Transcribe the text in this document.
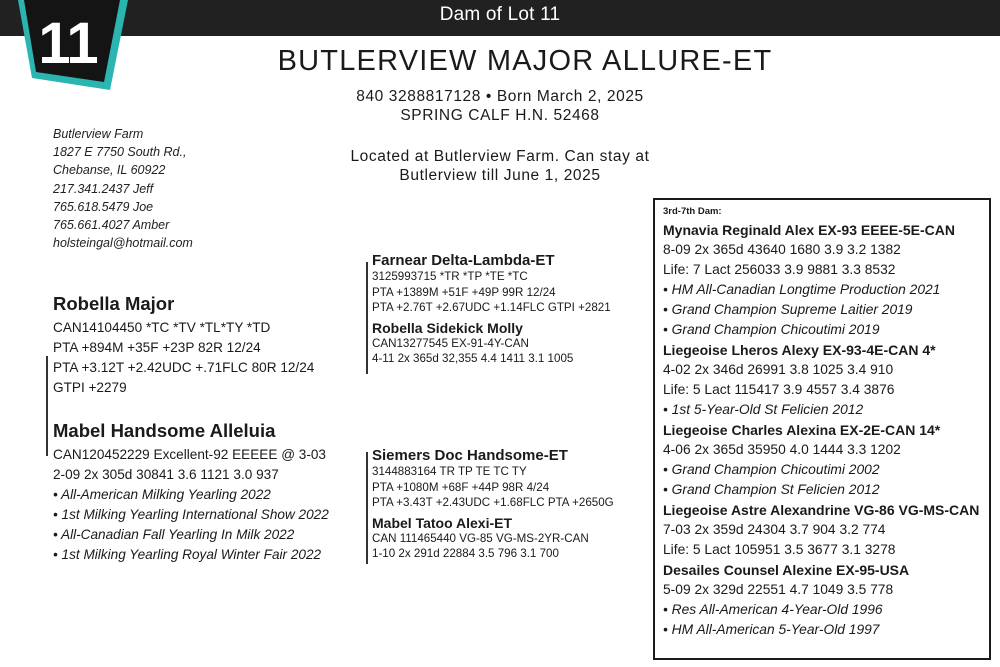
Dam of Lot 11
11	BUTLERVIEW MAJOR ALLURE-ET
840 3288817128 • Born March 2, 2025
SPRING CALF H.N. 52468
Located at Butlerview Farm. Can stay at
Butlerview till June 1, 2025
Butlerview Farm
1827 E 7750 South Rd.,
Chebanse, IL 60922
217.341.2437 Jeff
765.618.5479 Joe
765.661.4027 Amber
holsteingal@hotmail.com
Robella Major
CAN14104450 *TC *TV *TL*TY *TD
PTA +894M +35F +23P 82R 12/24
PTA +3.12T +2.42UDC +.71FLC 80R 12/24
GTPI +2279
Mabel Handsome Alleluia
CAN120452229 Excellent-92 EEEEE @ 3-03
2-09 2x 305d 30841 3.6 1121 3.0 937
• All-American Milking Yearling 2022
• 1st Milking Yearling International Show 2022
• All-Canadian Fall Yearling In Milk 2022
• 1st Milking Yearling Royal Winter Fair 2022
Farnear Delta-Lambda-ET
3125993715 *TR *TP *TE *TC
PTA +1389M +51F +49P 99R 12/24
PTA +2.76T +2.67UDC +1.14FLC GTPI +2821
Robella Sidekick Molly
CAN13277545 EX-91-4Y-CAN
4-11 2x 365d 32,355 4.4 1411 3.1 1005
Siemers Doc Handsome-ET
3144883164 TR TP TE TC TY
PTA +1080M +68F +44P 98R 4/24
PTA +3.43T +2.43UDC +1.68FLC PTA +2650G
Mabel Tatoo Alexi-ET
CAN 111465440 VG-85 VG-MS-2YR-CAN
1-10 2x 291d 22884 3.5 796 3.1 700
3rd-7th Dam:
Mynavia Reginald Alex EX-93 EEEE-5E-CAN
8-09 2x 365d 43640 1680 3.9 3.2 1382
Life: 7 Lact 256033 3.9 9881 3.3 8532
• HM All-Canadian Longtime Production 2021
• Grand Champion Supreme Laitier 2019
• Grand Champion Chicoutimi 2019
Liegeoise Lheros Alexy EX-93-4E-CAN 4*
4-02 2x 346d 26991 3.8 1025 3.4 910
Life: 5 Lact 115417 3.9 4557 3.4 3876
• 1st 5-Year-Old St Felicien 2012
Liegeoise Charles Alexina EX-2E-CAN 14*
4-06 2x 365d 35950 4.0 1444 3.3 1202
• Grand Champion Chicoutimi 2002
• Grand Champion St Felicien 2012
Liegeoise Astre Alexandrine VG-86 VG-MS-CAN
7-03 2x 359d 24304 3.7 904 3.2 774
Life: 5 Lact 105951 3.5 3677 3.1 3278
Desailes Counsel Alexine EX-95-USA
5-09 2x 329d 22551 4.7 1049 3.5 778
• Res All-American 4-Year-Old 1996
• HM All-American 5-Year-Old 1997
